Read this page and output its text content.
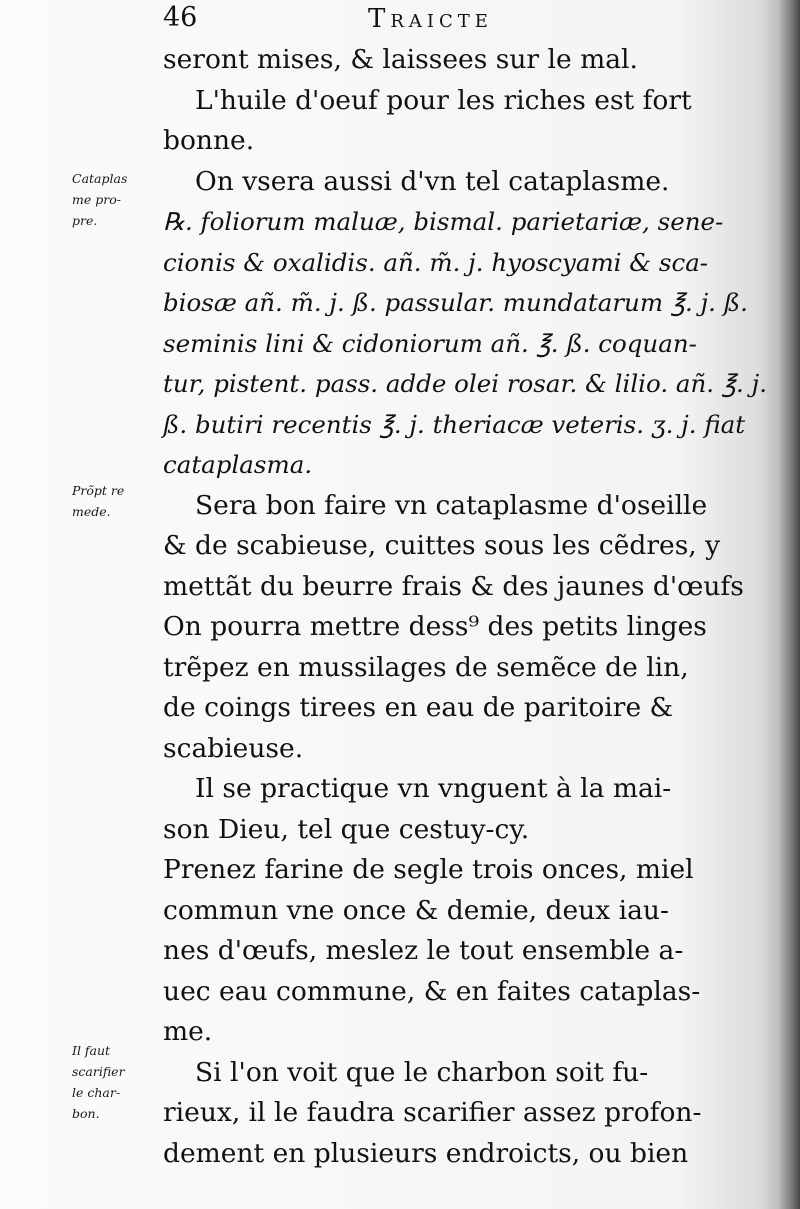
46	Traicte
seront mises, & laissees sur le mal.
L'huile d'oeuf pour les riches est fort
bonne.
On vsera aussi d'vn tel cataplasme.
℞. foliorum maluæ, bismal. parietariæ, sene-
cionis & oxalidis. añ. m̃. j. hyoscyami & sca-
biosæ añ. m̃. j. ß. passular. mundatarum ℥. j. ß.
seminis lini & cidoniorum añ. ℥. ß. coquan-
tur, pistent. pass. adde olei rosar. & lilio. añ. ℥. j.
ß. butiri recentis ℥. j. theriacæ veteris. ʒ. j. fiat
cataplasma.
Sera bon faire vn cataplasme d'oseille
& de scabieuse, cuittes sous les cẽdres, y
mettãt du beurre frais & des jaunes d'œufs
On pourra mettre dess⁹ des petits linges
trẽpez en mussilages de semẽce de lin,
de coings tirees en eau de paritoire &
scabieuse.
Il se practique vn vnguent à la mai-
son Dieu, tel que cestuy-cy.
Prenez farine de segle trois onces, miel
commun vne once & demie, deux iau-
nes d'œufs, meslez le tout ensemble a-
uec eau commune, & en faites cataplas-
me.
Si l'on voit que le charbon soit fu-
rieux, il le faudra scarifier assez profon-
dement en plusieurs endroicts, ou bien
Cataplas
me pro-
pre.
Prõpt re
mede.
Il faut
scarifier
le char-
bon.
